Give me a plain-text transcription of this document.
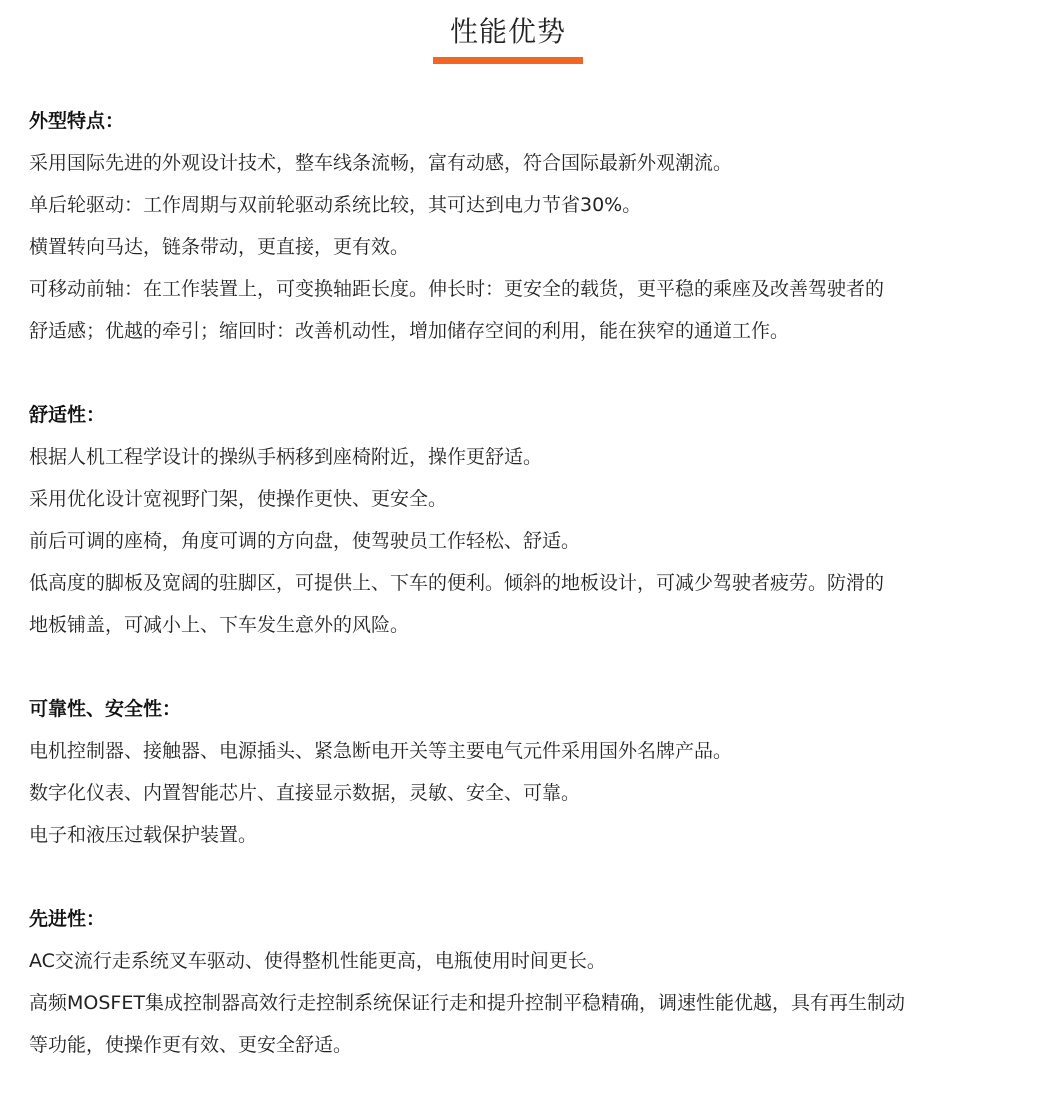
性能优势
外型特点：
采用国际先进的外观设计技术，整车线条流畅，富有动感，符合国际最新外观潮流。
单后轮驱动：工作周期与双前轮驱动系统比较，其可达到电力节省30%。
横置转向马达，链条带动，更直接，更有效。
可移动前轴：在工作装置上，可变换轴距长度。伸长时：更安全的载货，更平稳的乘座及改善驾驶者的
舒适感；优越的牵引；缩回时：改善机动性，增加储存空间的利用，能在狭窄的通道工作。
舒适性：
根据人机工程学设计的操纵手柄移到座椅附近，操作更舒适。
采用优化设计宽视野门架，使操作更快、更安全。
前后可调的座椅，角度可调的方向盘，使驾驶员工作轻松、舒适。
低高度的脚板及宽阔的驻脚区，可提供上、下车的便利。倾斜的地板设计，可减少驾驶者疲劳。防滑的
地板铺盖，可减小上、下车发生意外的风险。
可靠性、安全性：
电机控制器、接触器、电源插头、紧急断电开关等主要电气元件采用国外名牌产品。
数字化仪表、内置智能芯片、直接显示数据，灵敏、安全、可靠。
电子和液压过载保护装置。
先进性：
AC交流行走系统叉车驱动、使得整机性能更高，电瓶使用时间更长。
高频MOSFET集成控制器高效行走控制系统保证行走和提升控制平稳精确，调速性能优越，具有再生制动
等功能，使操作更有效、更安全舒适。
